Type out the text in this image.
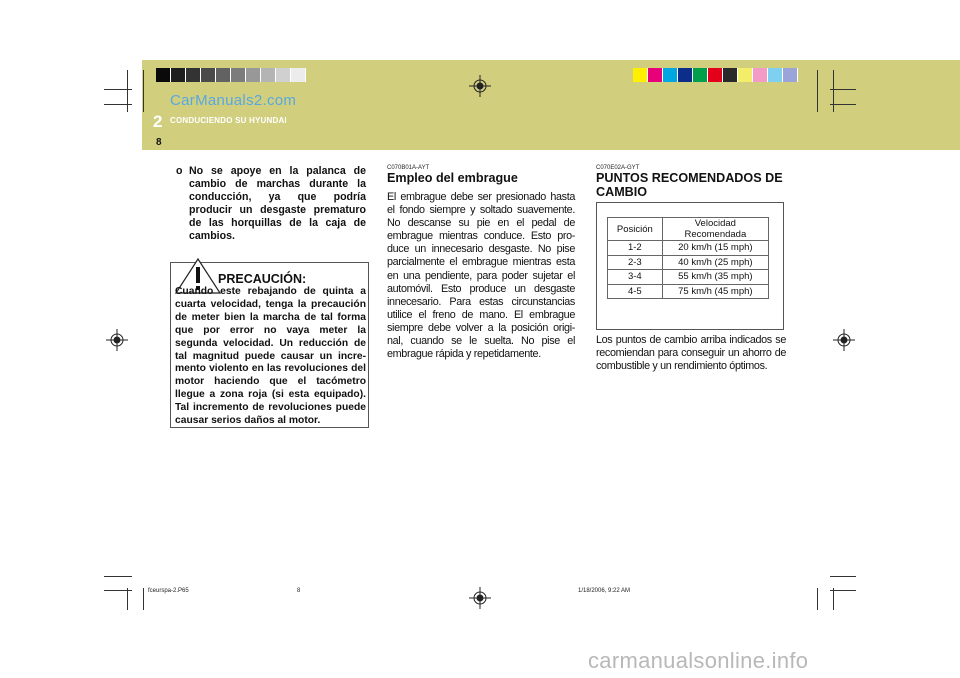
2 CONDUCIENDO SU HYUNDAI
8
CarManuals2.com
o No se apoye en la palanca de cambio de marchas durante la conducción, ya que podría producir un desgaste prematuro de las horquillas de la caja de cambios.
PRECAUCIÓN:
Cuando este rebajando de quinta a cuarta velocidad, tenga la precaución de meter bien la marcha de tal forma que por error no vaya meter la segunda velocidad. Un reducción de tal magnitud puede causar un incre- mento violento en las revoluciones del motor haciendo que el tacómetro llegue a zona roja (si esta equipado). Tal incremento de revoluciones puede causar serios daños al motor.
C070B01A-AYT
Empleo del embrague
El embrague debe ser presionado hasta el fondo siempre y soltado suavemente. No descanse su pie en el pedal de embrague mientras conduce. Esto pro- duce un innecesario desgaste. No pise parcialmente el embrague mientras esta en una pendiente, para poder sujetar el automóvil. Esto produce un desgaste innecesario. Para estas circunstancias utilice el freno de mano. El embrague siempre debe volver a la posición origi- nal, cuando se le suelta. No pise el embrague rápida y repetidamente.
C070E02A-GYT
PUNTOS RECOMENDADOS DE CAMBIO
Posición	Velocidad
Recomendada

1-2	20 km/h (15 mph)
2-3	40 km/h (25 mph)
3-4	55 km/h (35 mph)
4-5	75 km/h (45 mph)
Los puntos de cambio arriba indicados se recomiendan para conseguir un ahorro de combustible y un rendimiento óptimos.
fceurspa-2.P65	8	1/18/2006, 9:22 AM
carmanualsonline.info
